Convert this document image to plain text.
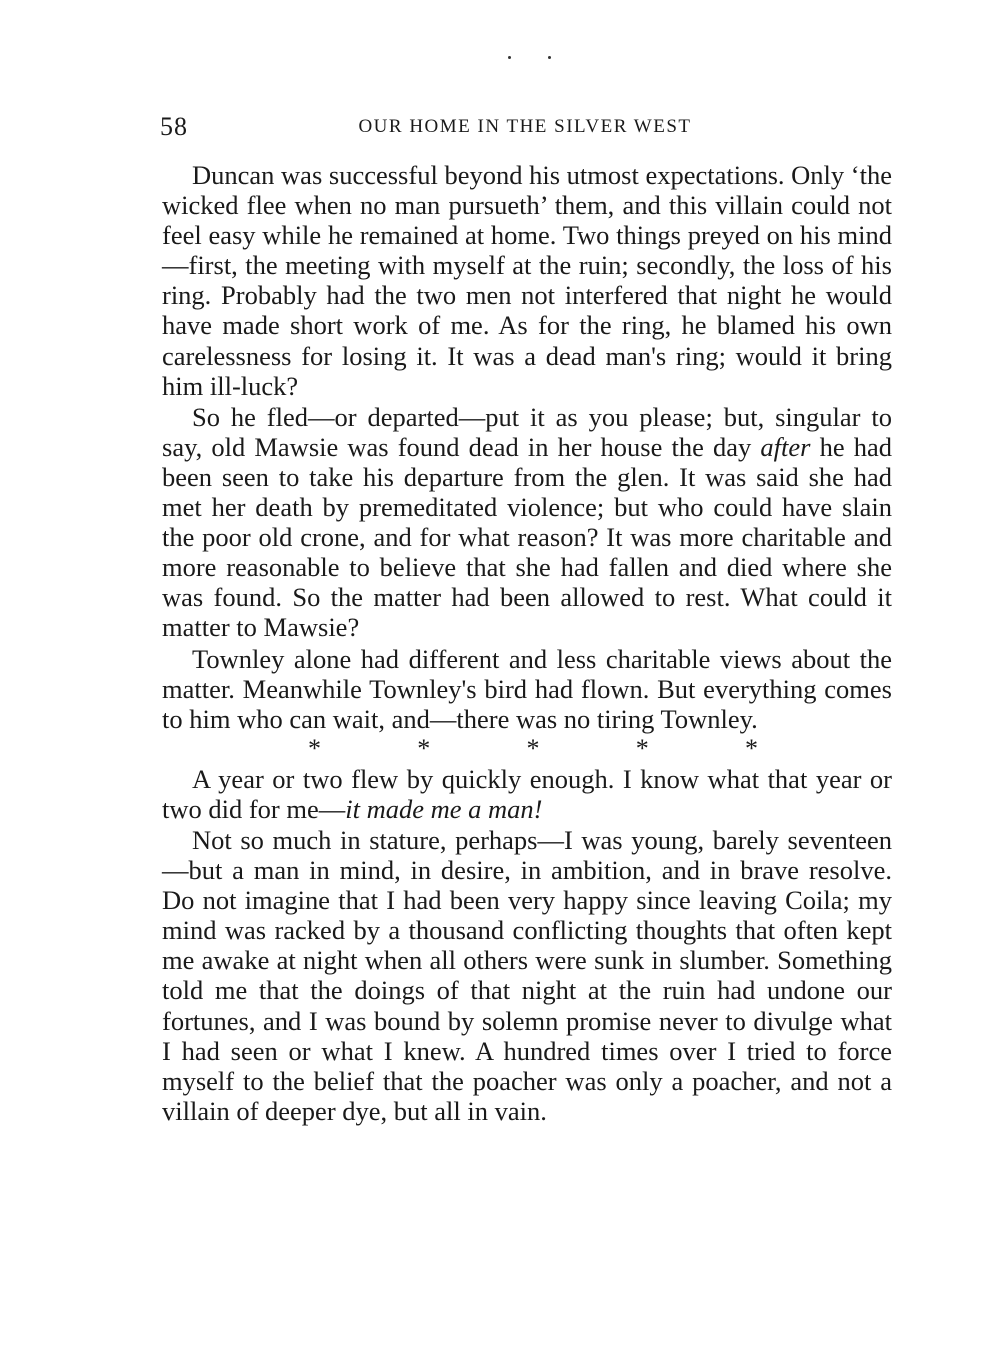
58	OUR HOME IN THE SILVER WEST

Duncan was successful beyond his utmost expectations. Only ‘the wicked flee when no man pursueth’ them, and this villain could not feel easy while he remained at home. Two things preyed on his mind—first, the meeting with myself at the ruin; secondly, the loss of his ring. Probably had the two men not interfered that night he would have made short work of me. As for the ring, he blamed his own carelessness for losing it. It was a dead man's ring; would it bring him ill-luck?

So he fled—or departed—put it as you please; but, singular to say, old Mawsie was found dead in her house the day after he had been seen to take his departure from the glen. It was said she had met her death by premeditated violence; but who could have slain the poor old crone, and for what reason? It was more charitable and more reasonable to believe that she had fallen and died where she was found. So the matter had been allowed to rest. What could it matter to Mawsie?

Townley alone had different and less charitable views about the matter. Meanwhile Townley's bird had flown. But everything comes to him who can wait, and—there was no tiring Townley.

*	*	*	*	*

A year or two flew by quickly enough. I know what that year or two did for me—it made me a man!

Not so much in stature, perhaps—I was young, barely seventeen—but a man in mind, in desire, in ambition, and in brave resolve. Do not imagine that I had been very happy since leaving Coila; my mind was racked by a thousand conflicting thoughts that often kept me awake at night when all others were sunk in slumber. Something told me that the doings of that night at the ruin had undone our fortunes, and I was bound by solemn promise never to divulge what I had seen or what I knew. A hundred times over I tried to force myself to the belief that the poacher was only a poacher, and not a villain of deeper dye, but all in vain.
